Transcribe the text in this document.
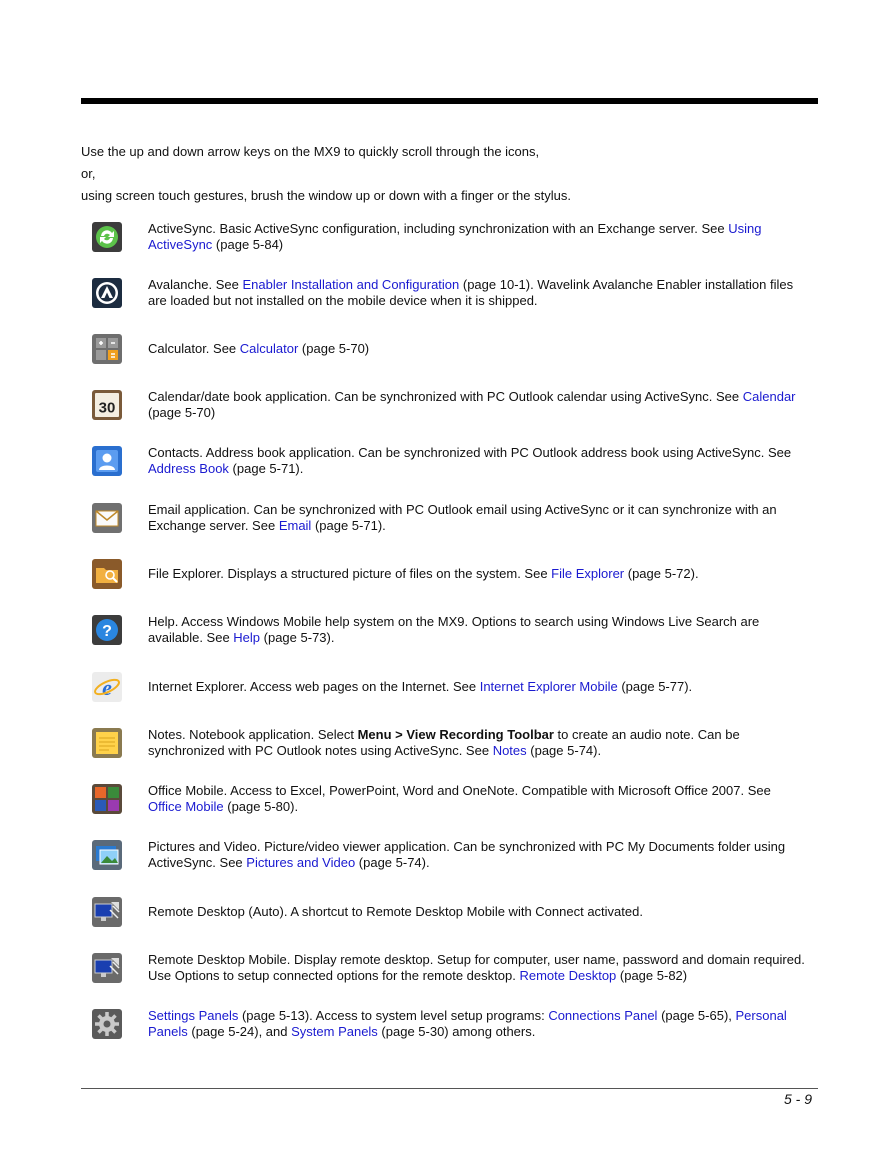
Use the up and down arrow keys on the MX9 to quickly scroll through the icons,

or,

using screen touch gestures, brush the window up or down with a finger or the stylus.

ActiveSync. Basic ActiveSync configuration, including synchronization with an Exchange server. See Using ActiveSync (page 5-84)
Avalanche. See Enabler Installation and Configuration (page 10-1). Wavelink Avalanche Enabler installation files are loaded but not installed on the mobile device when it is shipped.
Calculator. See Calculator (page 5-70)
30
Calendar/date book application. Can be synchronized with PC Outlook calendar using ActiveSync. See Calendar (page 5-70)
Contacts. Address book application. Can be synchronized with PC Outlook address book using ActiveSync. See Address Book (page 5-71).
Email application. Can be synchronized with PC Outlook email using ActiveSync or it can synchronize with an Exchange server. See Email (page 5-71).
File Explorer. Displays a structured picture of files on the system. See File Explorer (page 5-72).
?
Help. Access Windows Mobile help system on the MX9. Options to search using Windows Live Search are available. See Help (page 5-73).
e	Internet Explorer. Access web pages on the Internet. See Internet Explorer Mobile (page 5-77).
Notes. Notebook application. Select Menu > View Recording Toolbar to create an audio note. Can be synchronized with PC Outlook notes using ActiveSync. See Notes (page 5-74).
Office Mobile. Access to Excel, PowerPoint, Word and OneNote. Compatible with Microsoft Office 2007. See Office Mobile (page 5-80).
Pictures and Video. Picture/video viewer application. Can be synchronized with PC My Documents folder using ActiveSync. See Pictures and Video (page 5-74).
Remote Desktop (Auto). A shortcut to Remote Desktop Mobile with Connect activated.
Remote Desktop Mobile. Display remote desktop. Setup for computer, user name, password and domain required. Use Options to setup connected options for the remote desktop. Remote Desktop (page 5-82)
Settings Panels (page 5-13). Access to system level setup programs: Connections Panel (page 5-65), Personal Panels (page 5-24), and System Panels (page 5-30) among others.
5 - 9
